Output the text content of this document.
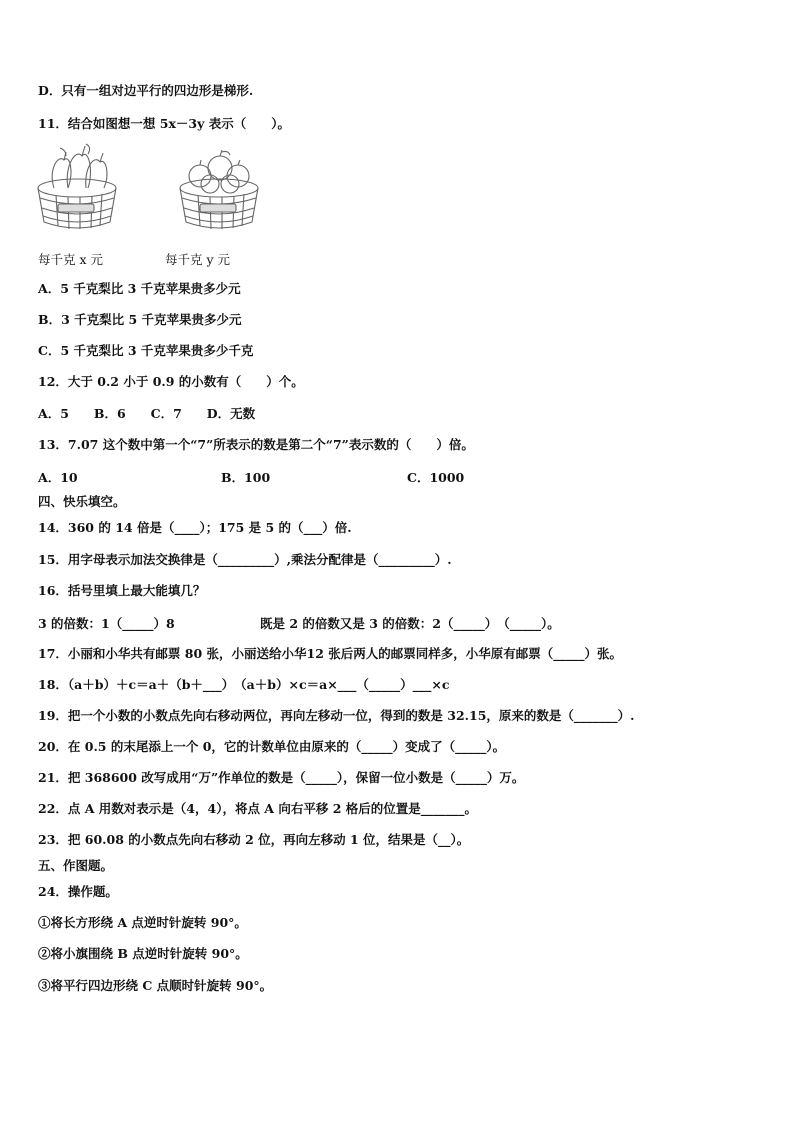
D．只有一组对边平行的四边形是梯形.
11．结合如图想一想 5x－3y 表示（　　）。
每千克 x 元	每千克 y 元
A．5 千克梨比 3 千克苹果贵多少元
B．3 千克梨比 5 千克苹果贵多少元
C．5 千克梨比 3 千克苹果贵多少千克
12．大于 0.2 小于 0.9 的小数有（　　）个。
A．5　　B．6　　C．7　　D．无数
13．7.07 这个数中第一个“7”所表示的数是第二个“7”表示数的（　　）倍。
A．10	B．100	C．1000
四、快乐填空。
14．360 的 14 倍是（____）；175 是 5 的（___）倍.
15．用字母表示加法交换律是（_________）,乘法分配律是（_________）.
16．括号里填上最大能填几？
3 的倍数：1（_____）8	既是 2 的倍数又是 3 的倍数：2（_____）　（_____）。
17．小丽和小华共有邮票 80 张，小丽送给小华12 张后两人的邮票同样多，小华原有邮票（_____）张。
18．（a＋b）＋c＝a＋（b＋___）　（a＋b）×c＝a×___（_____）___×c
19．把一个小数的小数点先向右移动两位，再向左移动一位，得到的数是 32.15，原来的数是（_______）.
20．在 0.5 的末尾添上一个 0，它的计数单位由原来的（_____）变成了（_____）。
21．把 368600 改写成用“万”作单位的数是（_____），保留一位小数是（_____）万。
22．点 A 用数对表示是（4，4），将点 A 向右平移 2 格后的位置是_______。
23．把 60.08 的小数点先向右移动 2 位，再向左移动 1 位，结果是（__）。
五、作图题。
24．操作题。
①将长方形绕 A 点逆时针旋转 90°。
②将小旗围绕 B 点逆时针旋转 90°。
③将平行四边形绕 C 点顺时针旋转 90°。
